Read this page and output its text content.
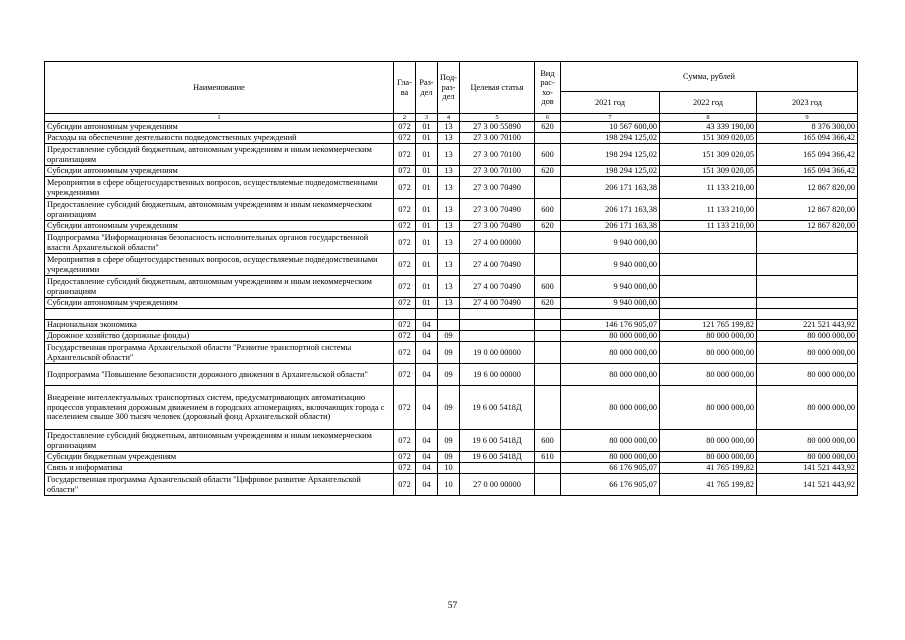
Наименование	Гла-ва	Раз-дел	Под-раз-дел	Целевая статья	Вид рас-хо-дов	Сумма, рублей		
						2021 год	2022 год	2023 год
1	2	3	4	5	6	7	8	9
Субсидии автономным учреждениям	072	01	13	27 3 00 55890	620	10 567 600,00	43 339 190,00	8 376 300,00
Расходы на обеспечение деятельности подведомственных учреждений	072	01	13	27 3 00 70100		198 294 125,02	151 309 020,05	165 094 366,42
Предоставление субсидий бюджетным, автономным учреждениям и иным некоммерческим организациям	072	01	13	27 3 00 70100	600	198 294 125,02	151 309 020,05	165 094 366,42
Субсидии автономным учреждениям	072	01	13	27 3 00 70100	620	198 294 125,02	151 309 020,05	165 094 366,42
Мероприятия в сфере общегосударственных вопросов, осуществляемые подведомственными учреждениями	072	01	13	27 3 00 70490		206 171 163,38	11 133 210,00	12 867 820,00
Предоставление субсидий бюджетным, автономным учреждениям и иным некоммерческим организациям	072	01	13	27 3 00 70490	600	206 171 163,38	11 133 210,00	12 867 820,00
Субсидии автономным учреждениям	072	01	13	27 3 00 70490	620	206 171 163,38	11 133 210,00	12 867 820,00
Подпрограмма "Информационная безопасность исполнительных органов государственной власти Архангельской области"	072	01	13	27 4 00 00000		9 940 000,00		
Мероприятия в сфере общегосударственных вопросов, осуществляемые подведомственными учреждениями	072	01	13	27 4 00 70490		9 940 000,00		
Предоставление субсидий бюджетным, автономным учреждениям и иным некоммерческим организациям	072	01	13	27 4 00 70490	600	9 940 000,00		
Субсидии автономным учреждениям	072	01	13	27 4 00 70490	620	9 940 000,00		

Национальная экономика	072	04				146 176 905,07	121 765 199,82	221 521 443,92
Дорожное хозяйство (дорожные фонды)	072	04	09			80 000 000,00	80 000 000,00	80 000 000,00
Государственная программа Архангельской области "Развитие транспортной системы Архангельской области"	072	04	09	19 0 00 00000		80 000 000,00	80 000 000,00	80 000 000,00
Подпрограмма "Повышение безопасности дорожного движения в Архангельской области"	072	04	09	19 6 00 00000		80 000 000,00	80 000 000,00	80 000 000,00
Внедрение интеллектуальных транспортных систем, предусматривающих автоматизацию процессов управления дорожным движением в городских агломерациях, включающих города с населением свыше 300 тысяч человек (дорожный фонд Архангельской области)	072	04	09	19 6 00 5418Д		80 000 000,00	80 000 000,00	80 000 000,00
Предоставление субсидий бюджетным, автономным учреждениям и иным некоммерческим организациям	072	04	09	19 6 00 5418Д	600	80 000 000,00	80 000 000,00	80 000 000,00
Субсидии бюджетным учреждениям	072	04	09	19 6 00 5418Д	610	80 000 000,00	80 000 000,00	80 000 000,00
Связь и информатика	072	04	10			66 176 905,07	41 765 199,82	141 521 443,92
Государственная программа Архангельской области "Цифровое развитие Архангельской области"	072	04	10	27 0 00 00000		66 176 905,07	41 765 199,82	141 521 443,92
57
